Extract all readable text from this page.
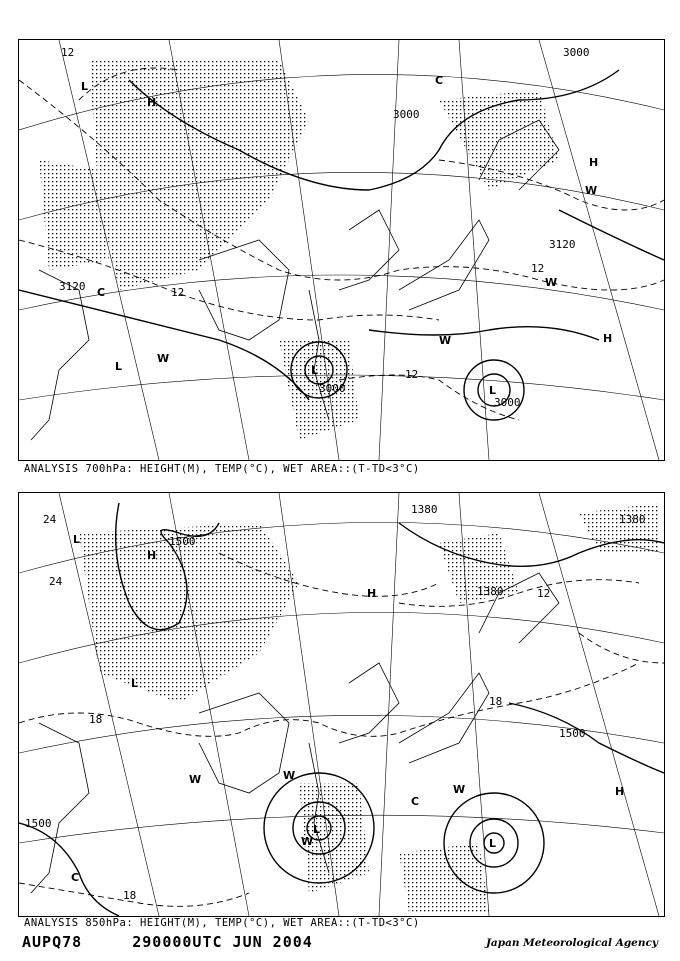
3000
3000
3120
3120
3000
3000
12
12
12
12
H
H
H
L
L
L
L
C
C
W
W
W
W
ANALYSIS 700hPa: HEIGHT(M), TEMP(°C), WET AREA::(T-TD<3°C)
1500
1380
1380
1380
1500
1500
24
24
18
18
12
18
H
H
H
L
L
L
L
C
C
W
W
W
W
ANALYSIS 850hPa: HEIGHT(M), TEMP(°C), WET AREA::(T-TD<3°C)
AUPQ78	290000UTC JUN 2004	Japan Meteorological Agency
